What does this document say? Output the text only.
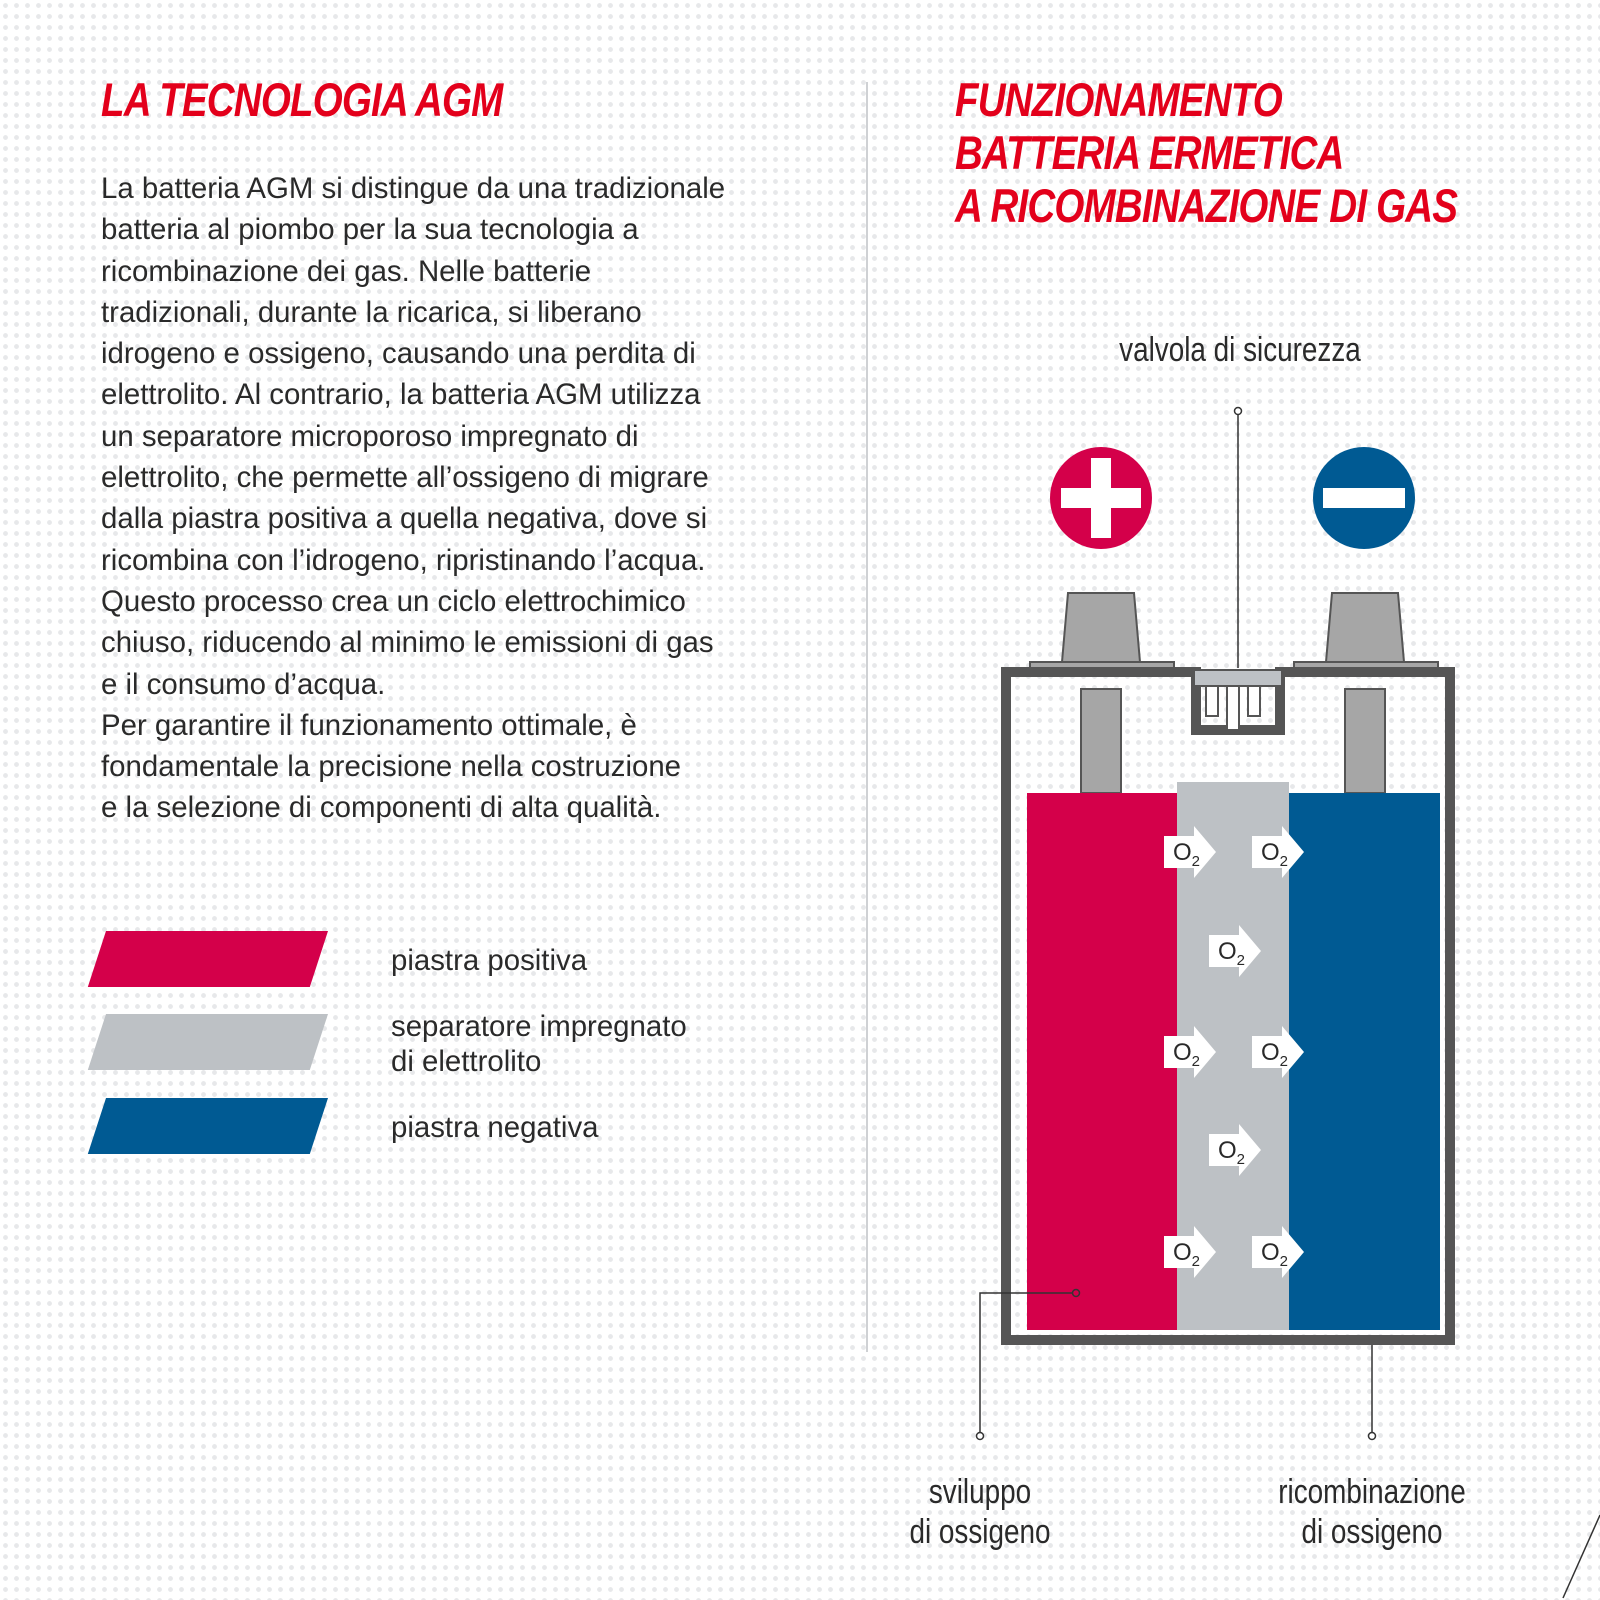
LA TECNOLOGIA AGM
La batteria AGM si distingue da una tradizionale
batteria al piombo per la sua tecnologia a
ricombinazione dei gas. Nelle batterie
tradizionali, durante la ricarica, si liberano
idrogeno e ossigeno, causando una perdita di
elettrolito. Al contrario, la batteria AGM utilizza
un separatore microporoso impregnato di
elettrolito, che permette all’ossigeno di migrare
dalla piastra positiva a quella negativa, dove si
ricombina con l’idrogeno, ripristinando l’acqua.
Questo processo crea un ciclo elettrochimico
chiuso, riducendo al minimo le emissioni di gas
e il consumo d’acqua.
Per garantire il funzionamento ottimale, è
fondamentale la precisione nella costruzione
e la selezione di componenti di alta qualità.
piastra positiva
separatore impregnato
di elettrolito
piastra negativa
FUNZIONAMENTO
BATTERIA ERMETICA
A RICOMBINAZIONE DI GAS
valvola di sicurezza
$O_2$	$O_2$
$O_2$
$O_2$	$O_2$
$O_2$
$O_2$	$O_2$
sviluppo
di ossigeno
ricombinazione
di ossigeno
